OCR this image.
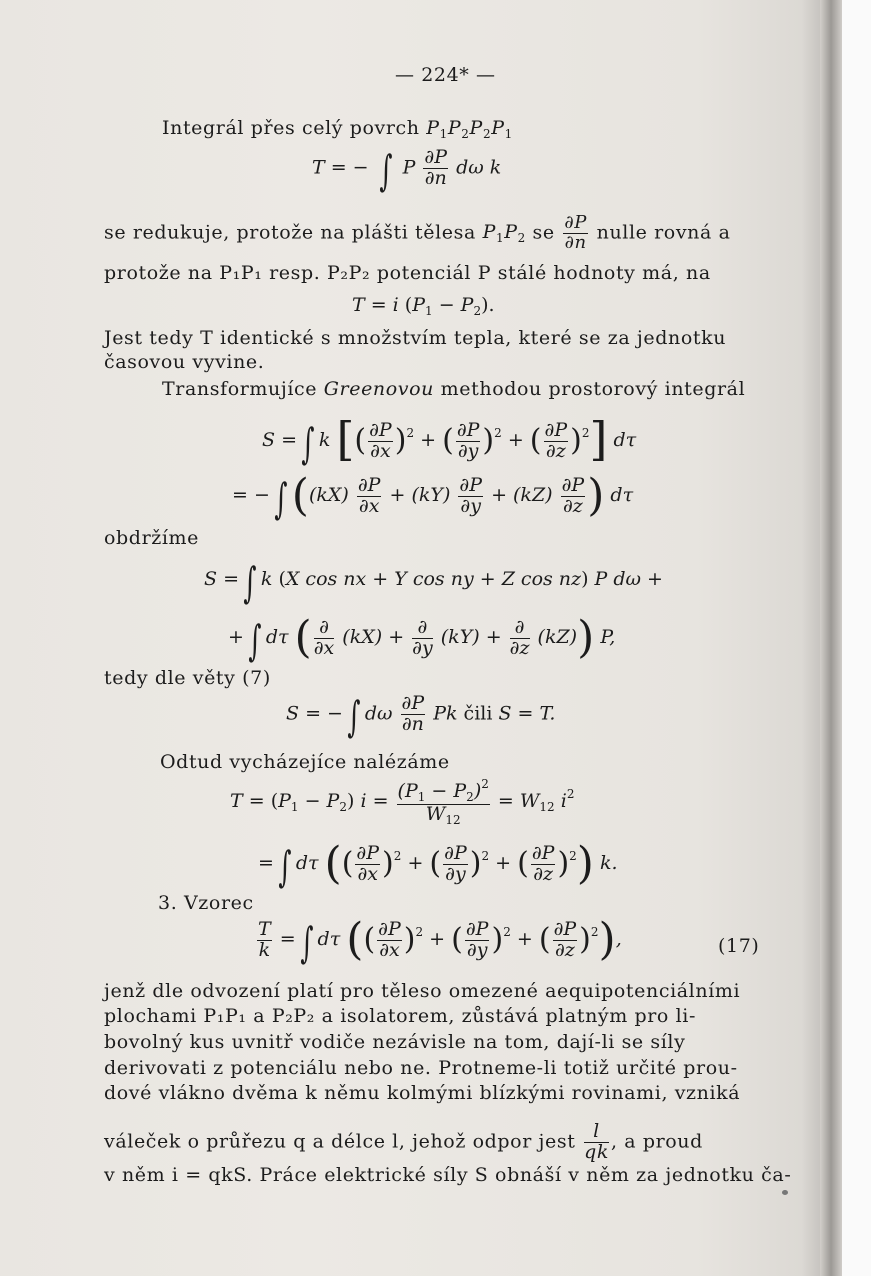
— 224* —
Integrál přes celý povrch $P_1P_2P_2P_1$
T = − ∫ P $\frac{\partial P}{\partial n}$ dω k
se redukuje, protože na plášti tělesa $P_1P_2$ se $\frac{\partial P}{\partial n}$ nulle rovná a
protože na P₁P₁ resp. P₂P₂ potenciál P stálé hodnoty má, na
T = i $(P_1 - P_2)$.
Jest tedy T identické s množstvím tepla, které se za jednotku
časovou vyvine.
Transformujíce Greenovou methodou prostorový integrál
S = ∫ k [( $\frac{\partial P}{\partial x} )^2$ + ( $\frac{\partial P}{\partial y} )^2$ + ( $\frac{\partial P}{\partial z} )^2$] dτ
= − $\int((kX) \frac{\partial P}{\partial x} + (kY) \frac{\partial P}{\partial y} + (kZ) \frac{\partial P}{\partial z}$ ) dτ
obdržíme
S = ∫ k (X cos nx + Y cos ny + Z cos nz) P dω +
+ ∫ dτ ( $\frac{\partial}{\partial x} (kX) + \frac{\partial}{\partial y} (kY) + \frac{\partial}{\partial z} (kZ)$) P,
tedy dle věty (7)
S = − ∫ dω $\frac{\partial P}{\partial n}$ Pk čili S = T.
Odtud vycházejíce nalézáme
$T = (P_1 - P_2) i = \frac{(P_1 - P_2)^2}{W_{12}} = W_{12}$ $i^2$
= ∫ dτ (( $\frac{\partial P}{\partial x} )^2$ + ( $\frac{\partial P}{\partial y} )^2$ + ( $\frac{\partial P}{\partial z} )^2$) k.
3. Vzorec
$\frac{T}{k}$ = ∫ dτ (( $\frac{\partial P}{\partial x} )^2$ + ( $\frac{\partial P}{\partial y} )^2$ + ( $\frac{\partial P}{\partial z} )^2$),	(17)
jenž dle odvození platí pro těleso omezené aequipotenciálními
plochami P₁P₁ a P₂P₂ a isolatorem, zůstává platným pro li-
bovolný kus uvnitř vodiče nezávisle na tom, dají-li se síly
derivovati z potenciálu nebo ne. Protneme-li totiž určité prou-
dové vlákno dvěma k němu kolmými blízkými rovinami, vzniká
váleček o průřezu q a délce l, jehož odpor jest $\frac{l}{qk}$ , a proud
v něm i = qkS. Práce elektrické síly S obnáší v něm za jednotku ča-
